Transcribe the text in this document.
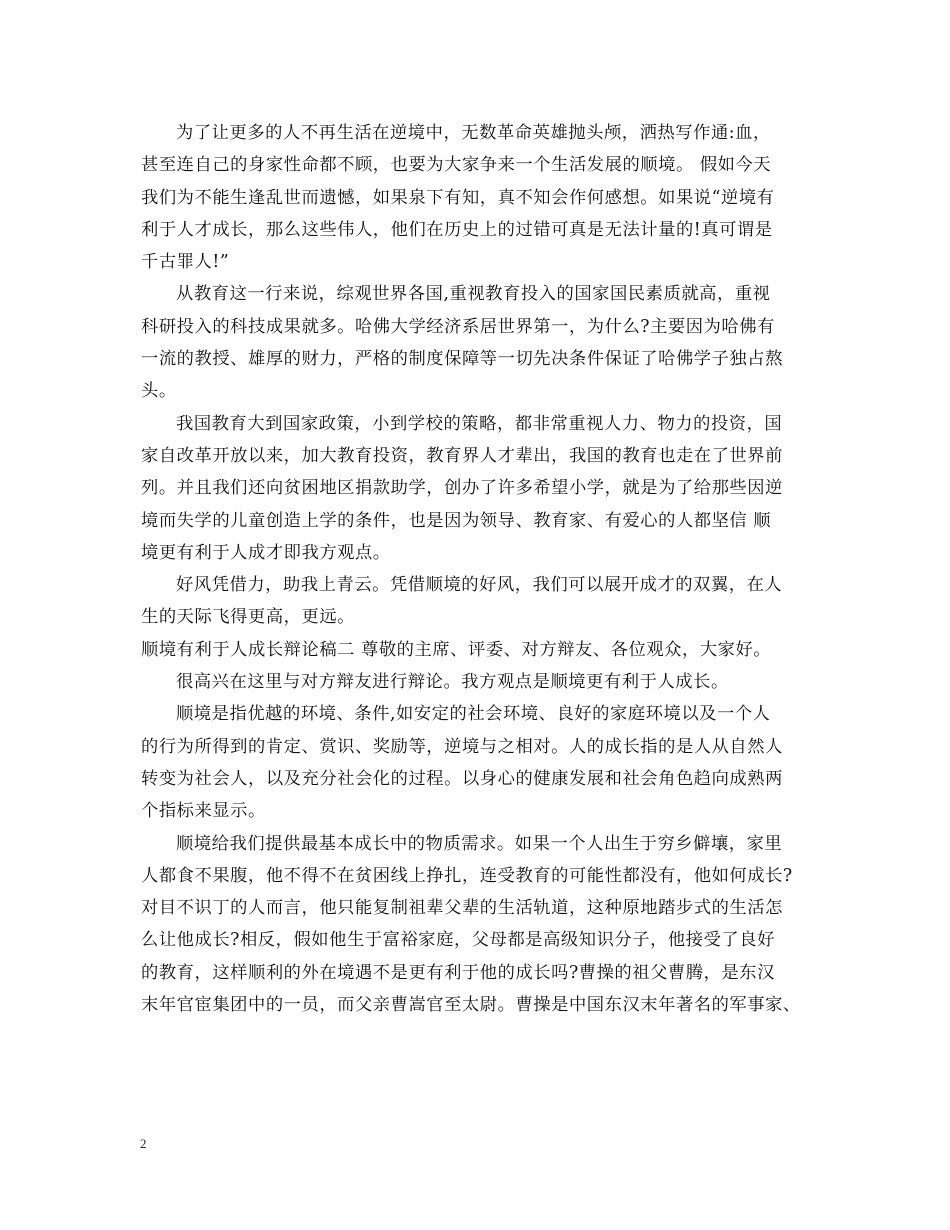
为了让更多的人不再生活在逆境中，无数革命英雄抛头颅，洒热写作通:血，
甚至连自己的身家性命都不顾，也要为大家争来一个生活发展的顺境。 假如今天
我们为不能生逢乱世而遗憾，如果泉下有知，真不知会作何感想。如果说“逆境有
利于人才成长，那么这些伟人，他们在历史上的过错可真是无法计量的!真可谓是
千古罪人!”
从教育这一行来说，综观世界各国,重视教育投入的国家国民素质就高，重视
科研投入的科技成果就多。哈佛大学经济系居世界第一，为什么?主要因为哈佛有
一流的教授、雄厚的财力，严格的制度保障等一切先决条件保证了哈佛学子独占熬
头。
我国教育大到国家政策，小到学校的策略，都非常重视人力、物力的投资，国
家自改革开放以来，加大教育投资，教育界人才辈出，我国的教育也走在了世界前
列。并且我们还向贫困地区捐款助学，创办了许多希望小学，就是为了给那些因逆
境而失学的儿童创造上学的条件，也是因为领导、教育家、有爱心的人都坚信 顺
境更有利于人成才即我方观点。
好风凭借力，助我上青云。凭借顺境的好风，我们可以展开成才的双翼，在人
生的天际飞得更高，更远。
顺境有利于人成长辩论稿二 尊敬的主席、评委、对方辩友、各位观众，大家好。
很高兴在这里与对方辩友进行辩论。我方观点是顺境更有利于人成长。
顺境是指优越的环境、条件,如安定的社会环境、良好的家庭环境以及一个人
的行为所得到的肯定、赏识、奖励等，逆境与之相对。人的成长指的是人从自然人
转变为社会人，以及充分社会化的过程。以身心的健康发展和社会角色趋向成熟两
个指标来显示。
顺境给我们提供最基本成长中的物质需求。如果一个人出生于穷乡僻壤，家里
人都食不果腹，他不得不在贫困线上挣扎，连受教育的可能性都没有，他如何成长?
对目不识丁的人而言，他只能复制祖辈父辈的生活轨道，这种原地踏步式的生活怎
么让他成长?相反，假如他生于富裕家庭，父母都是高级知识分子，他接受了良好
的教育，这样顺利的外在境遇不是更有利于他的成长吗?曹操的祖父曹腾，是东汉
末年官宦集团中的一员，而父亲曹嵩官至太尉。曹操是中国东汉末年著名的军事家、
2
